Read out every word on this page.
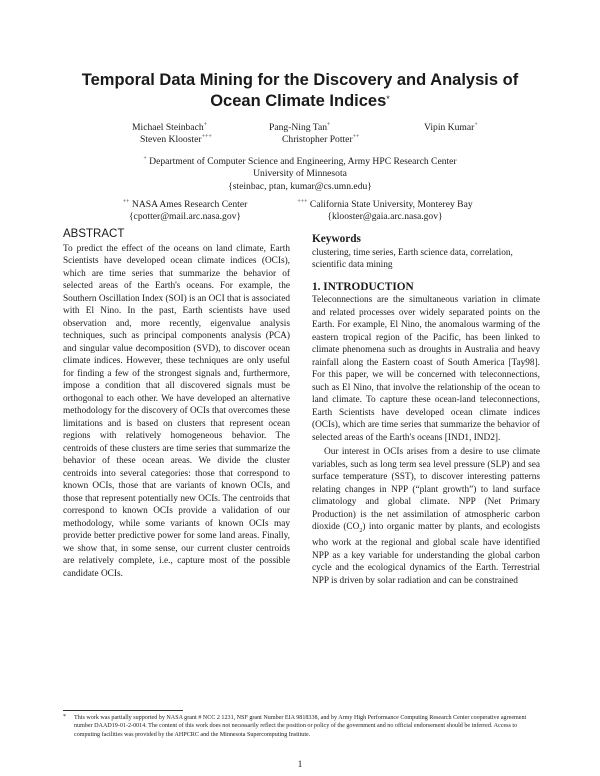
Temporal Data Mining for the Discovery and Analysis of
Ocean Climate Indices*
Michael Steinbach+	Pang-Ning Tan+	Vipin Kumar+
Steven Klooster+++	Christopher Potter++
+ Department of Computer Science and Engineering, Army HPC Research Center
University of Minnesota
{steinbac, ptan, kumar@cs.umn.edu}
++ NASA Ames Research Center
{cpotter@mail.arc.nasa.gov}
+++ California State University, Monterey Bay
{klooster@gaia.arc.nasa.gov}
ABSTRACT

To predict the effect of the oceans on land climate, Earth Scientists have developed ocean climate indices (OCIs), which are time series that summarize the behavior of selected areas of the Earth's oceans. For example, the Southern Oscillation Index (SOI) is an OCI that is associated with El Nino. In the past, Earth scientists have used observation and, more recently, eigenvalue analysis techniques, such as principal components analysis (PCA) and singular value decomposition (SVD), to discover ocean climate indices. However, these techniques are only useful for finding a few of the strongest signals and, furthermore, impose a condition that all discovered signals must be orthogonal to each other. We have developed an alternative methodology for the discovery of OCIs that overcomes these limitations and is based on clusters that represent ocean regions with relatively homogeneous behavior. The centroids of these clusters are time series that summarize the behavior of these ocean areas. We divide the cluster centroids into several categories: those that correspond to known OCIs, those that are variants of known OCIs, and those that represent potentially new OCIs. The centroids that correspond to known OCIs provide a validation of our methodology, while some variants of known OCIs may provide better predictive power for some land areas. Finally, we show that, in some sense, our current cluster centroids are relatively complete, i.e., capture most of the possible candidate OCIs.

Keywords

clustering, time series, Earth science data, correlation, scientific data mining

1. INTRODUCTION

Teleconnections are the simultaneous variation in climate and related processes over widely separated points on the Earth. For example, El Nino, the anomalous warming of the eastern tropical region of the Pacific, has been linked to climate phenomena such as droughts in Australia and heavy rainfall along the Eastern coast of South America [Tay98]. For this paper, we will be concerned with teleconnections, such as El Nino, that involve the relationship of the ocean to land climate. To capture these ocean-land teleconnections, Earth Scientists have developed ocean climate indices (OCIs), which are time series that summarize the behavior of selected areas of the Earth's oceans [IND1, IND2].

Our interest in OCIs arises from a desire to use climate variables, such as long term sea level pressure (SLP) and sea surface temperature (SST), to discover interesting patterns relating changes in NPP (“plant growth”) to land surface climatology and global climate. NPP (Net Primary Production) is the net assimilation of atmospheric carbon dioxide $(CO_2)$ into organic matter by plants, and ecologists who work at the regional and global scale have identified NPP as a key variable for understanding the global carbon cycle and the ecological dynamics of the Earth. Terrestrial NPP is driven by solar radiation and can be constrained

* This work was partially supported by NASA grant # NCC 2 1231, NSF grant Number EIA 9818338, and by Army High Performance Computing Research Center cooperative agreement number DAAD19-01-2-0014. The content of this work does not necessarily reflect the position or policy of the government and no official endorsement should be inferred. Access to computing facilities was provided by the AHPCRC and the Minnesota Supercomputing Institute.
1
